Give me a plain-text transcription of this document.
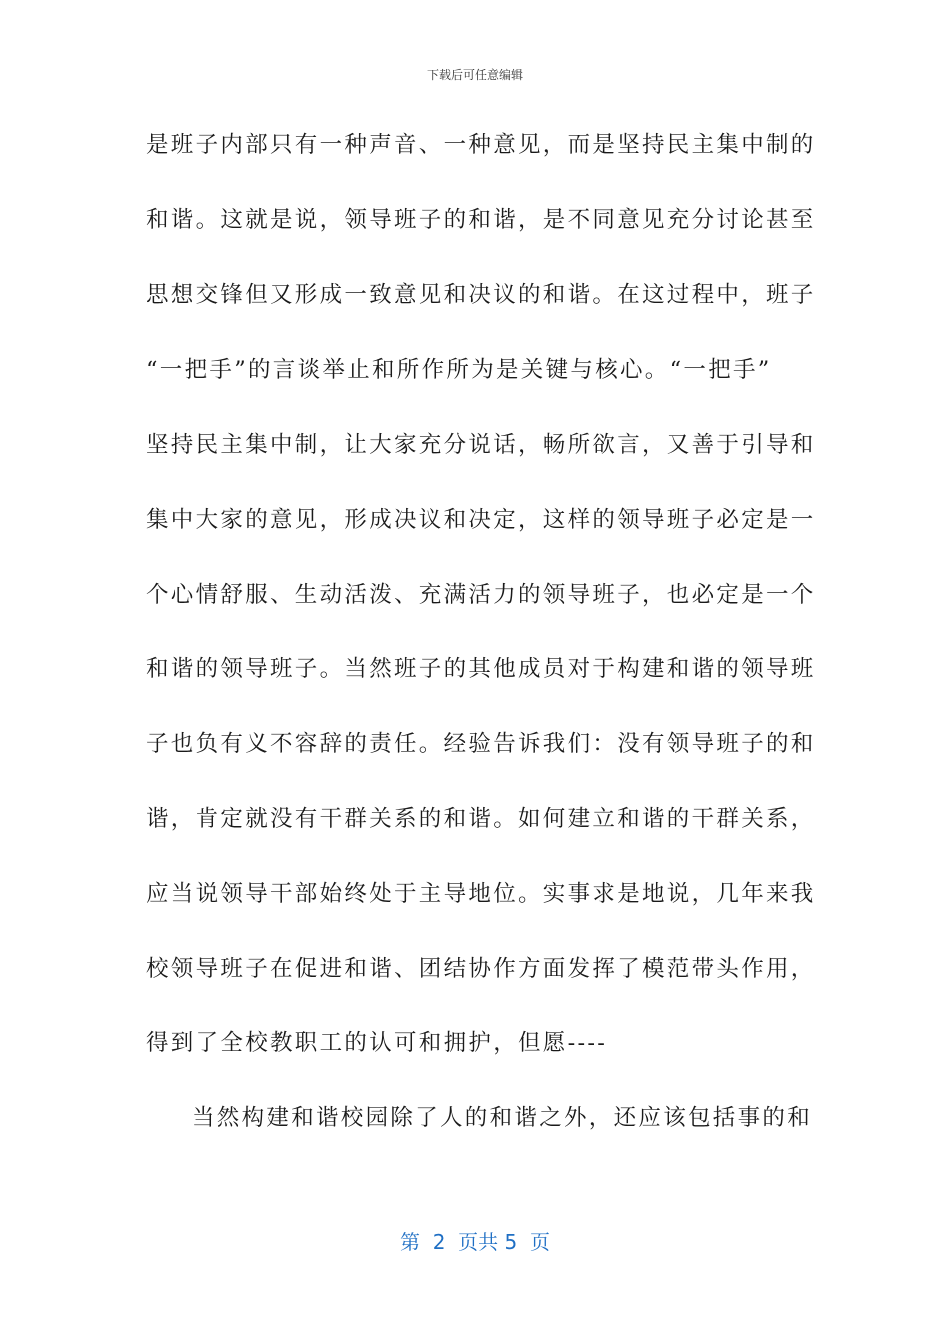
下载后可任意编辑
是班子内部只有一种声音、一种意见，而是坚持民主集中制的
和谐。这就是说，领导班子的和谐，是不同意见充分讨论甚至
思想交锋但又形成一致意见和决议的和谐。在这过程中，班子
“一把手”的言谈举止和所作所为是关键与核心。“一把手”
坚持民主集中制，让大家充分说话，畅所欲言，又善于引导和
集中大家的意见，形成决议和决定，这样的领导班子必定是一
个心情舒服、生动活泼、充满活力的领导班子，也必定是一个
和谐的领导班子。当然班子的其他成员对于构建和谐的领导班
子也负有义不容辞的责任。经验告诉我们：没有领导班子的和
谐，肯定就没有干群关系的和谐。如何建立和谐的干群关系，
应当说领导干部始终处于主导地位。实事求是地说，几年来我
校领导班子在促进和谐、团结协作方面发挥了模范带头作用，
得到了全校教职工的认可和拥护，但愿----
当然构建和谐校园除了人的和谐之外，还应该包括事的和
第  2  页共 5  页
